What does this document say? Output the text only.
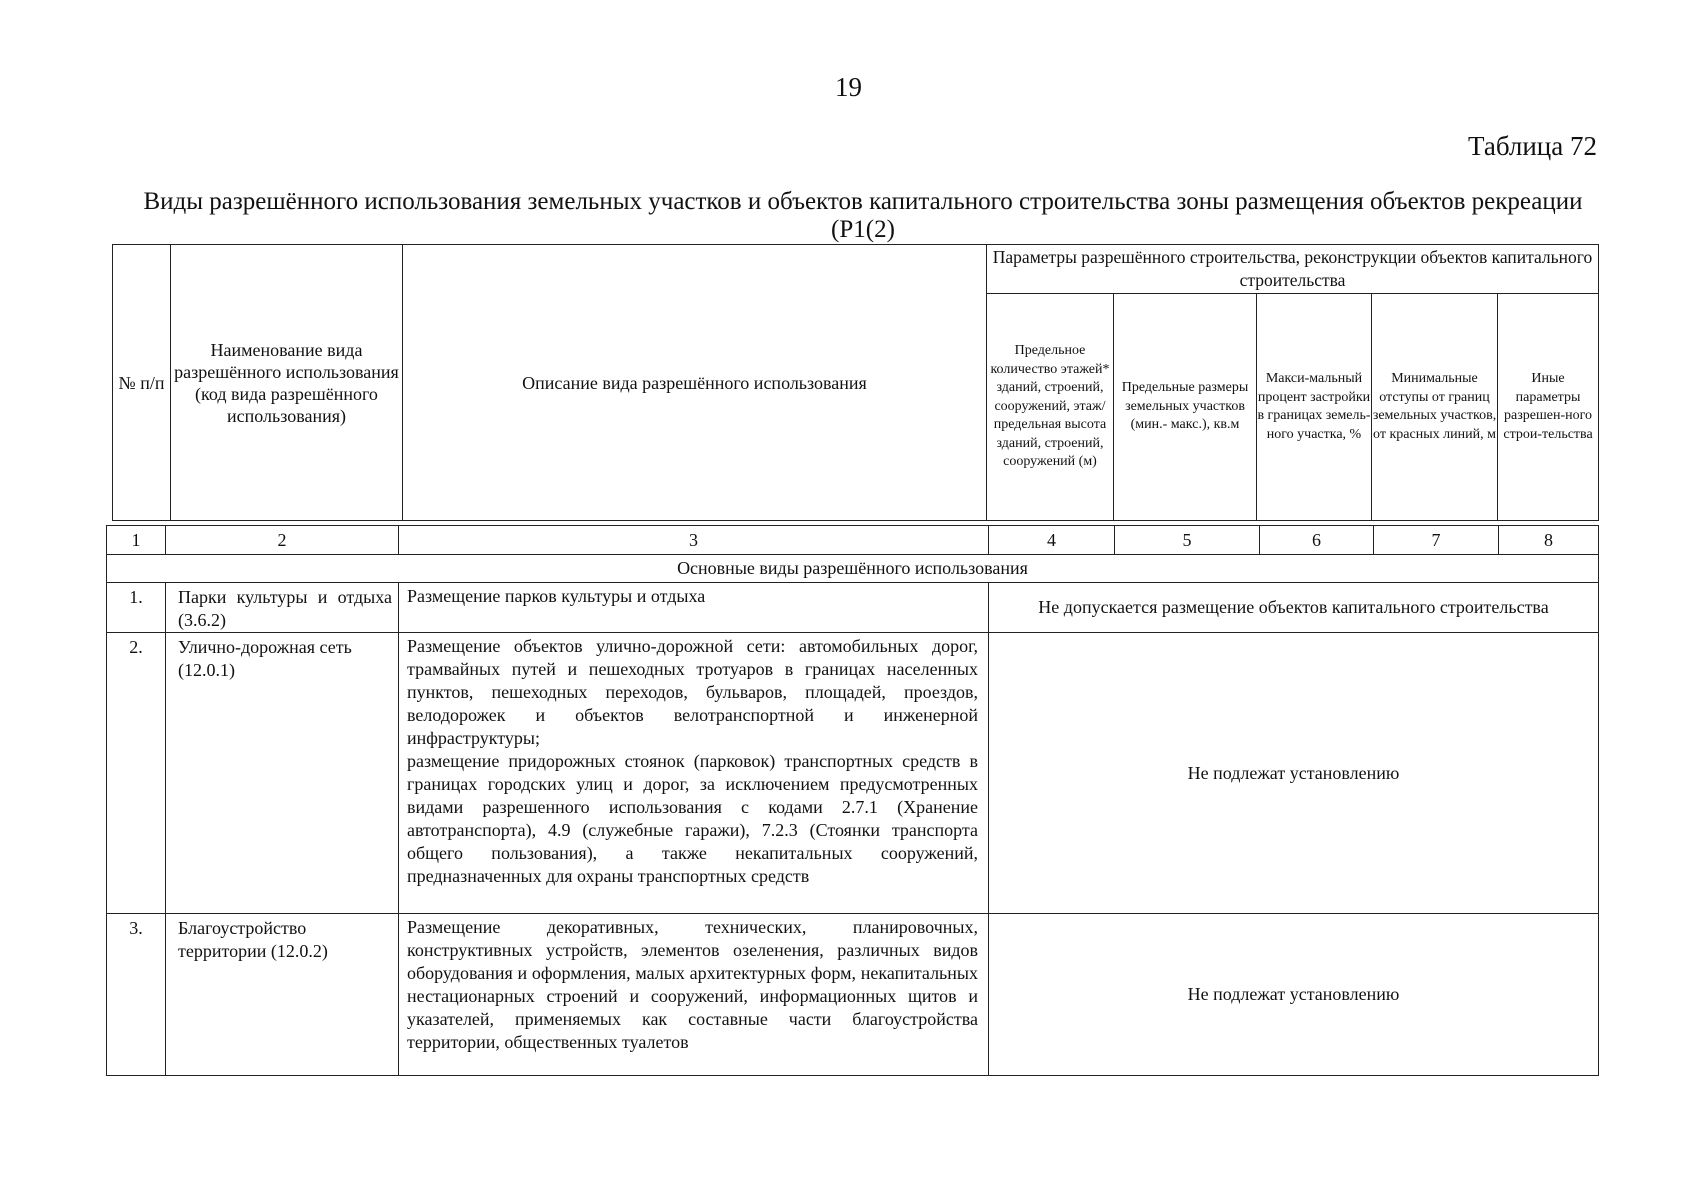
19
Таблица 72
Виды разрешённого использования земельных участков и объектов капитального строительства зоны размещения объектов рекреации (Р1(2)
№ п/п	Наименование вида разрешённого использования (код вида разрешённого использования)	Описание вида разрешённого использования	Параметры разрешённого строительства, реконструкции объектов капитального строительства				
			Предельное количество этажей* зданий, строений, сооружений, этаж/ предельная высота зданий, строений, сооружений (м)	Предельные размеры земельных участков (мин.- макс.), кв.м	Макси-мальный процент застройки в границах земель-ного участка, %	Минимальные отступы от границ земельных участков, от красных линий, м	Иные параметры разрешен-ного строи-тельства
1	2	3	4	5	6	7	8
Основные виды разрешённого использования							
1.	Парки культуры и отдыха (3.6.2)	Размещение парков культуры и отдыха	Не допускается размещение объектов капитального строительства				
2.	Улично-дорожная сеть (12.0.1)	Размещение объектов улично-дорожной сети: автомобильных дорог, трамвайных путей и пешеходных тротуаров в границах населенных пунктов, пешеходных переходов, бульваров, площадей, проездов, велодорожек и объектов велотранспортной и инженерной инфраструктуры;
размещение придорожных стоянок (парковок) транспортных средств в границах городских улиц и дорог, за исключением предусмотренных видами разрешенного использования с кодами 2.7.1 (Хранение автотранспорта), 4.9 (служебные гаражи), 7.2.3 (Стоянки транспорта общего пользования), а также некапитальных сооружений, предназначенных для охраны транспортных средств	Не подлежат установлению				
3.	Благоустройство территории (12.0.2)	Размещение декоративных, технических, планировочных, конструктивных устройств, элементов озеленения, различных видов оборудования и оформления, малых архитектурных форм, некапитальных нестационарных строений и сооружений, информационных щитов и указателей, применяемых как составные части благоустройства территории, общественных туалетов	Не подлежат установлению				
